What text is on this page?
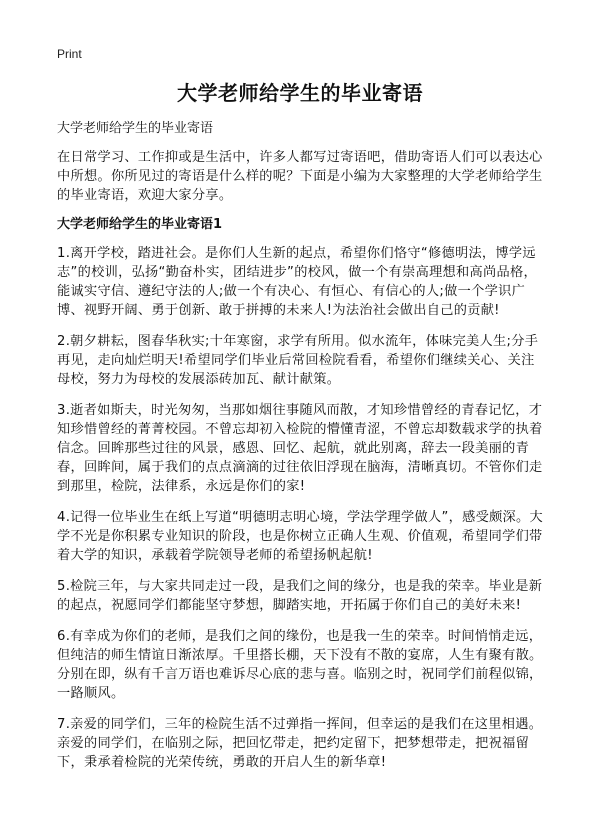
Print
大学老师给学生的毕业寄语
大学老师给学生的毕业寄语
在日常学习、工作抑或是生活中，许多人都写过寄语吧，借助寄语人们可以表达心中所想。你所见过的寄语是什么样的呢？下面是小编为大家整理的大学老师给学生的毕业寄语，欢迎大家分享。
大学老师给学生的毕业寄语1
1.离开学校，踏进社会。是你们人生新的起点，希望你们恪守“修德明法，博学远志”的校训，弘扬“勤奋朴实，团结进步”的校风，做一个有崇高理想和高尚品格，能诚实守信、遵纪守法的人;做一个有决心、有恒心、有信心的人;做一个学识广博、视野开阔、勇于创新、敢于拼搏的未来人!为法治社会做出自己的贡献!
2.朝夕耕耘，图春华秋实;十年寒窗，求学有所用。似水流年，体味完美人生;分手再见，走向灿烂明天!希望同学们毕业后常回检院看看，希望你们继续关心、关注母校，努力为母校的发展添砖加瓦、献计献策。
3.逝者如斯夫，时光匆匆，当那如烟往事随风而散，才知珍惜曾经的青春记忆，才知珍惜曾经的菁菁校园。不曾忘却初入检院的懵懂青涩，不曾忘却数载求学的执着信念。回眸那些过往的风景，感恩、回忆、起航，就此别离，辞去一段美丽的青春，回眸间，属于我们的点点滴滴的过往依旧浮现在脑海，清晰真切。不管你们走到那里，检院，法律系，永远是你们的家!
4.记得一位毕业生在纸上写道“明德明志明心境，学法学理学做人”，感受颇深。大学不光是你积累专业知识的阶段，也是你树立正确人生观、价值观，希望同学们带着大学的知识，承载着学院领导老师的希望扬帆起航!
5.检院三年，与大家共同走过一段，是我们之间的缘分，也是我的荣幸。毕业是新的起点，祝愿同学们都能坚守梦想，脚踏实地，开拓属于你们自己的美好未来!
6.有幸成为你们的老师，是我们之间的缘份，也是我一生的荣幸。时间悄悄走远，但纯洁的师生情谊日渐浓厚。千里搭长棚，天下没有不散的宴席，人生有聚有散。分别在即，纵有千言万语也难诉尽心底的悲与喜。临别之时，祝同学们前程似锦，一路顺风。
7.亲爱的同学们，三年的检院生活不过弹指一挥间，但幸运的是我们在这里相遇。亲爱的同学们，在临别之际，把回忆带走，把约定留下，把梦想带走，把祝福留下，秉承着检院的光荣传统，勇敢的开启人生的新华章!
